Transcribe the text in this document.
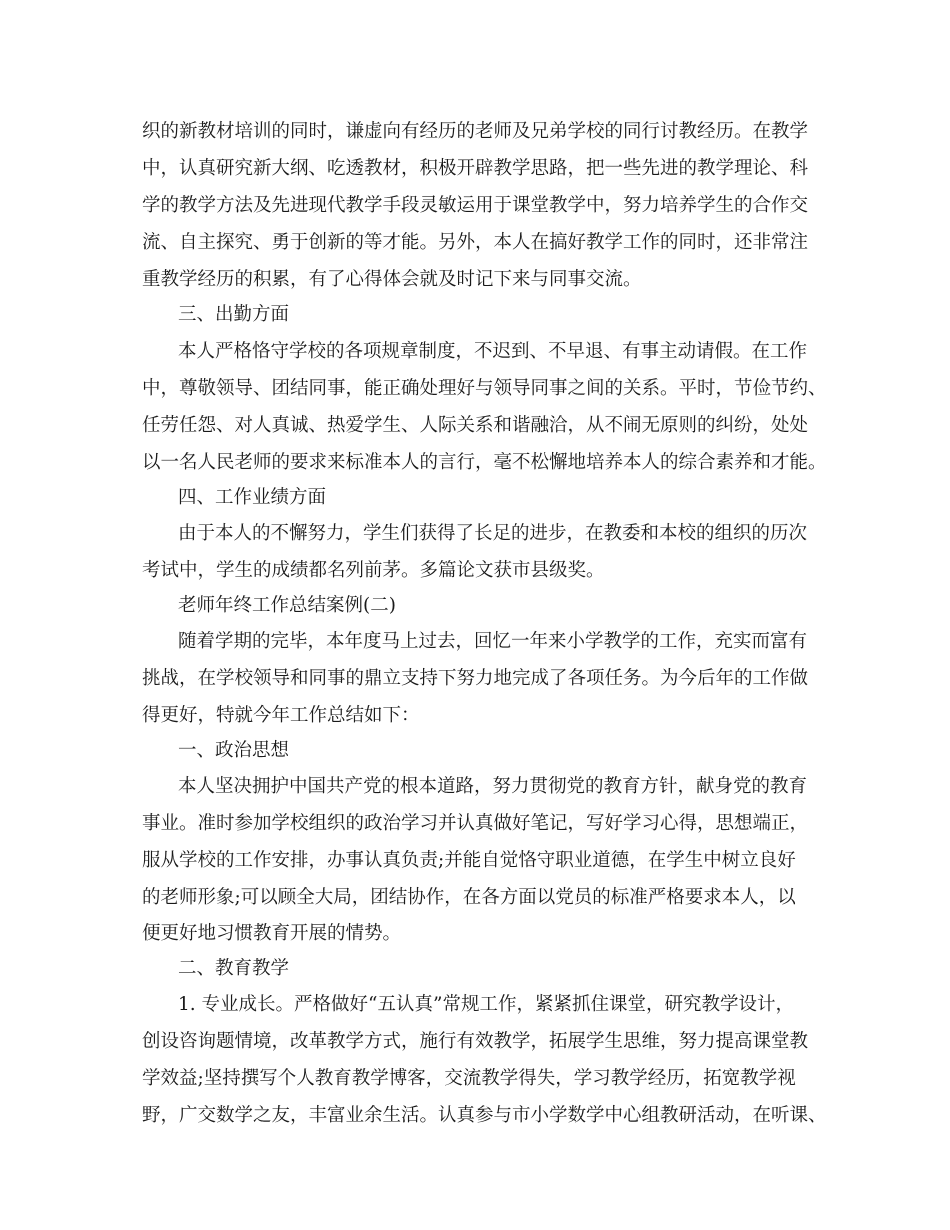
织的新教材培训的同时，谦虚向有经历的老师及兄弟学校的同行讨教经历。在教学
中，认真研究新大纲、吃透教材，积极开辟教学思路，把一些先进的教学理论、科
学的教学方法及先进现代教学手段灵敏运用于课堂教学中，努力培养学生的合作交
流、自主探究、勇于创新的等才能。另外，本人在搞好教学工作的同时，还非常注
重教学经历的积累，有了心得体会就及时记下来与同事交流。
三、出勤方面
本人严格恪守学校的各项规章制度，不迟到、不早退、有事主动请假。在工作
中，尊敬领导、团结同事，能正确处理好与领导同事之间的关系。平时，节俭节约、
任劳任怨、对人真诚、热爱学生、人际关系和谐融洽，从不闹无原则的纠纷，处处
以一名人民老师的要求来标准本人的言行，毫不松懈地培养本人的综合素养和才能。
四、工作业绩方面
由于本人的不懈努力，学生们获得了长足的进步，在教委和本校的组织的历次
考试中，学生的成绩都名列前茅。多篇论文获市县级奖。
老师年终工作总结案例(二)
随着学期的完毕，本年度马上过去，回忆一年来小学教学的工作，充实而富有
挑战，在学校领导和同事的鼎立支持下努力地完成了各项任务。为今后年的工作做
得更好，特就今年工作总结如下：
一、政治思想
本人坚决拥护中国共产党的根本道路，努力贯彻党的教育方针，献身党的教育
事业。准时参加学校组织的政治学习并认真做好笔记，写好学习心得，思想端正，
服从学校的工作安排，办事认真负责;并能自觉恪守职业道德，在学生中树立良好
的老师形象;可以顾全大局，团结协作，在各方面以党员的标准严格要求本人，以
便更好地习惯教育开展的情势。
二、教育教学
1. 专业成长。严格做好“五认真”常规工作，紧紧抓住课堂，研究教学设计，
创设咨询题情境，改革教学方式，施行有效教学，拓展学生思维，努力提高课堂教
学效益;坚持撰写个人教育教学博客，交流教学得失，学习教学经历，拓宽教学视
野，广交数学之友，丰富业余生活。认真参与市小学数学中心组教研活动，在听课、
